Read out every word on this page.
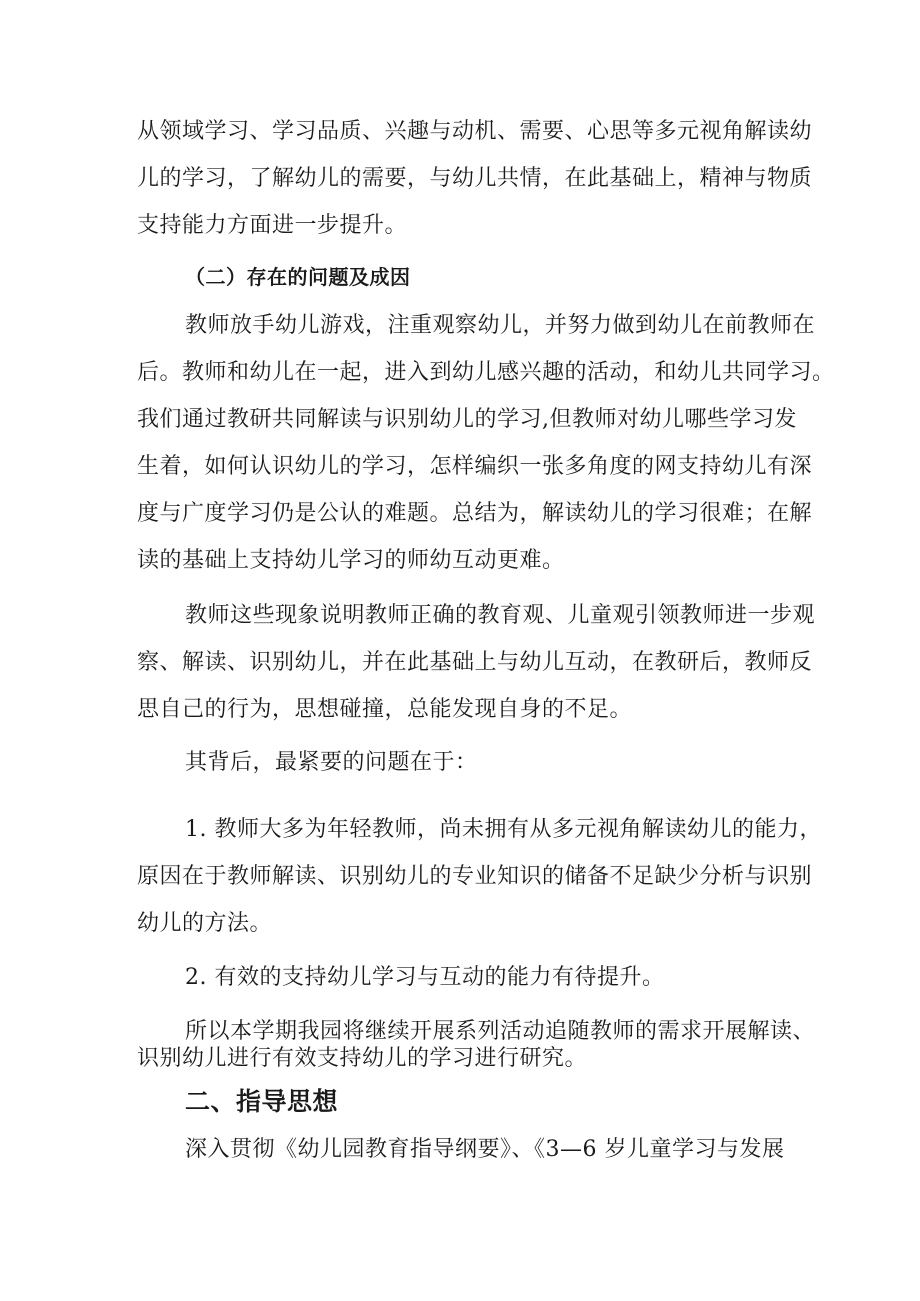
从领域学习、学习品质、兴趣与动机、需要、心思等多元视角解读幼
儿的学习，了解幼儿的需要，与幼儿共情，在此基础上，精神与物质
支持能力方面进一步提升。
（二）存在的问题及成因
教师放手幼儿游戏，注重观察幼儿，并努力做到幼儿在前教师在
后。教师和幼儿在一起，进入到幼儿感兴趣的活动，和幼儿共同学习。
我们通过教研共同解读与识别幼儿的学习,但教师对幼儿哪些学习发
生着，如何认识幼儿的学习，怎样编织一张多角度的网支持幼儿有深
度与广度学习仍是公认的难题。总结为，解读幼儿的学习很难；在解
读的基础上支持幼儿学习的师幼互动更难。
教师这些现象说明教师正确的教育观、儿童观引领教师进一步观
察、解读、识别幼儿，并在此基础上与幼儿互动，在教研后，教师反
思自己的行为，思想碰撞，总能发现自身的不足。
其背后，最紧要的问题在于：
1. 教师大多为年轻教师，尚未拥有从多元视角解读幼儿的能力，
原因在于教师解读、识别幼儿的专业知识的储备不足缺少分析与识别
幼儿的方法。
2. 有效的支持幼儿学习与互动的能力有待提升。
所以本学期我园将继续开展系列活动追随教师的需求开展解读、
识别幼儿进行有效支持幼儿的学习进行研究。
二、指导思想
深入贯彻《幼儿园教育指导纲要》、《3—6 岁儿童学习与发展
